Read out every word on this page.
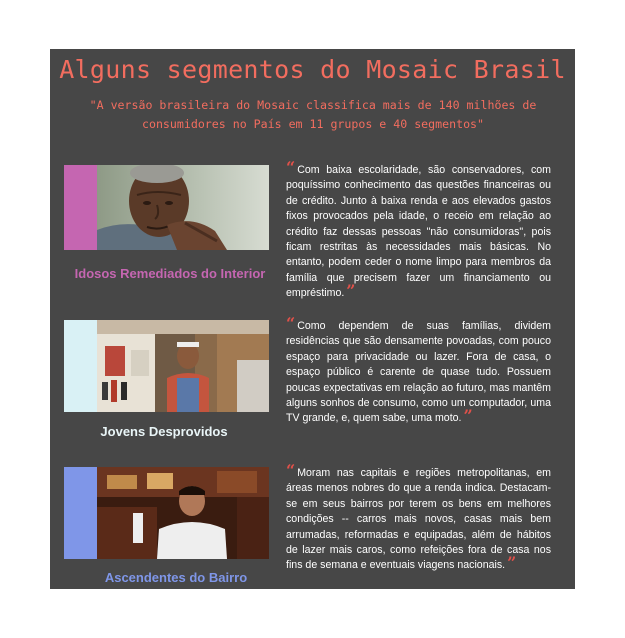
Alguns segmentos do Mosaic Brasil
"A versão brasileira do Mosaic classifica mais de 140 milhões de consumidores no País em 11 grupos e 40 segmentos"
Idosos Remediados do Interior
“ Com baixa escolaridade, são conservadores, com poquíssimo conhecimento das questões financeiras ou de crédito. Junto à baixa renda e aos elevados gastos fixos provocados pela idade, o receio em relação ao crédito faz dessas pessoas "não consumidoras", pois ficam restritas às necessidades mais básicas. No entanto, podem ceder o nome limpo para membros da família que precisem fazer um financiamento ou empréstimo. ”
Jovens Desprovidos
“ Como dependem de suas famílias, dividem residências que são densamente povoadas, com pouco espaço para privacidade ou lazer. Fora de casa, o espaço público é carente de quase tudo. Possuem poucas expectativas em relação ao futuro, mas mantêm alguns sonhos de consumo, como um computador, uma TV grande, e, quem sabe, uma moto. ”
Ascendentes do Bairro
“ Moram nas capitais e regiões metropolitanas, em áreas menos nobres do que a renda indica. Destacam-se em seus bairros por terem os bens em melhores condições -- carros mais novos, casas mais bem arrumadas, reformadas e equipadas, além de hábitos de lazer mais caros, como refeições fora de casa nos fins de semana e eventuais viagens nacionais. ”
